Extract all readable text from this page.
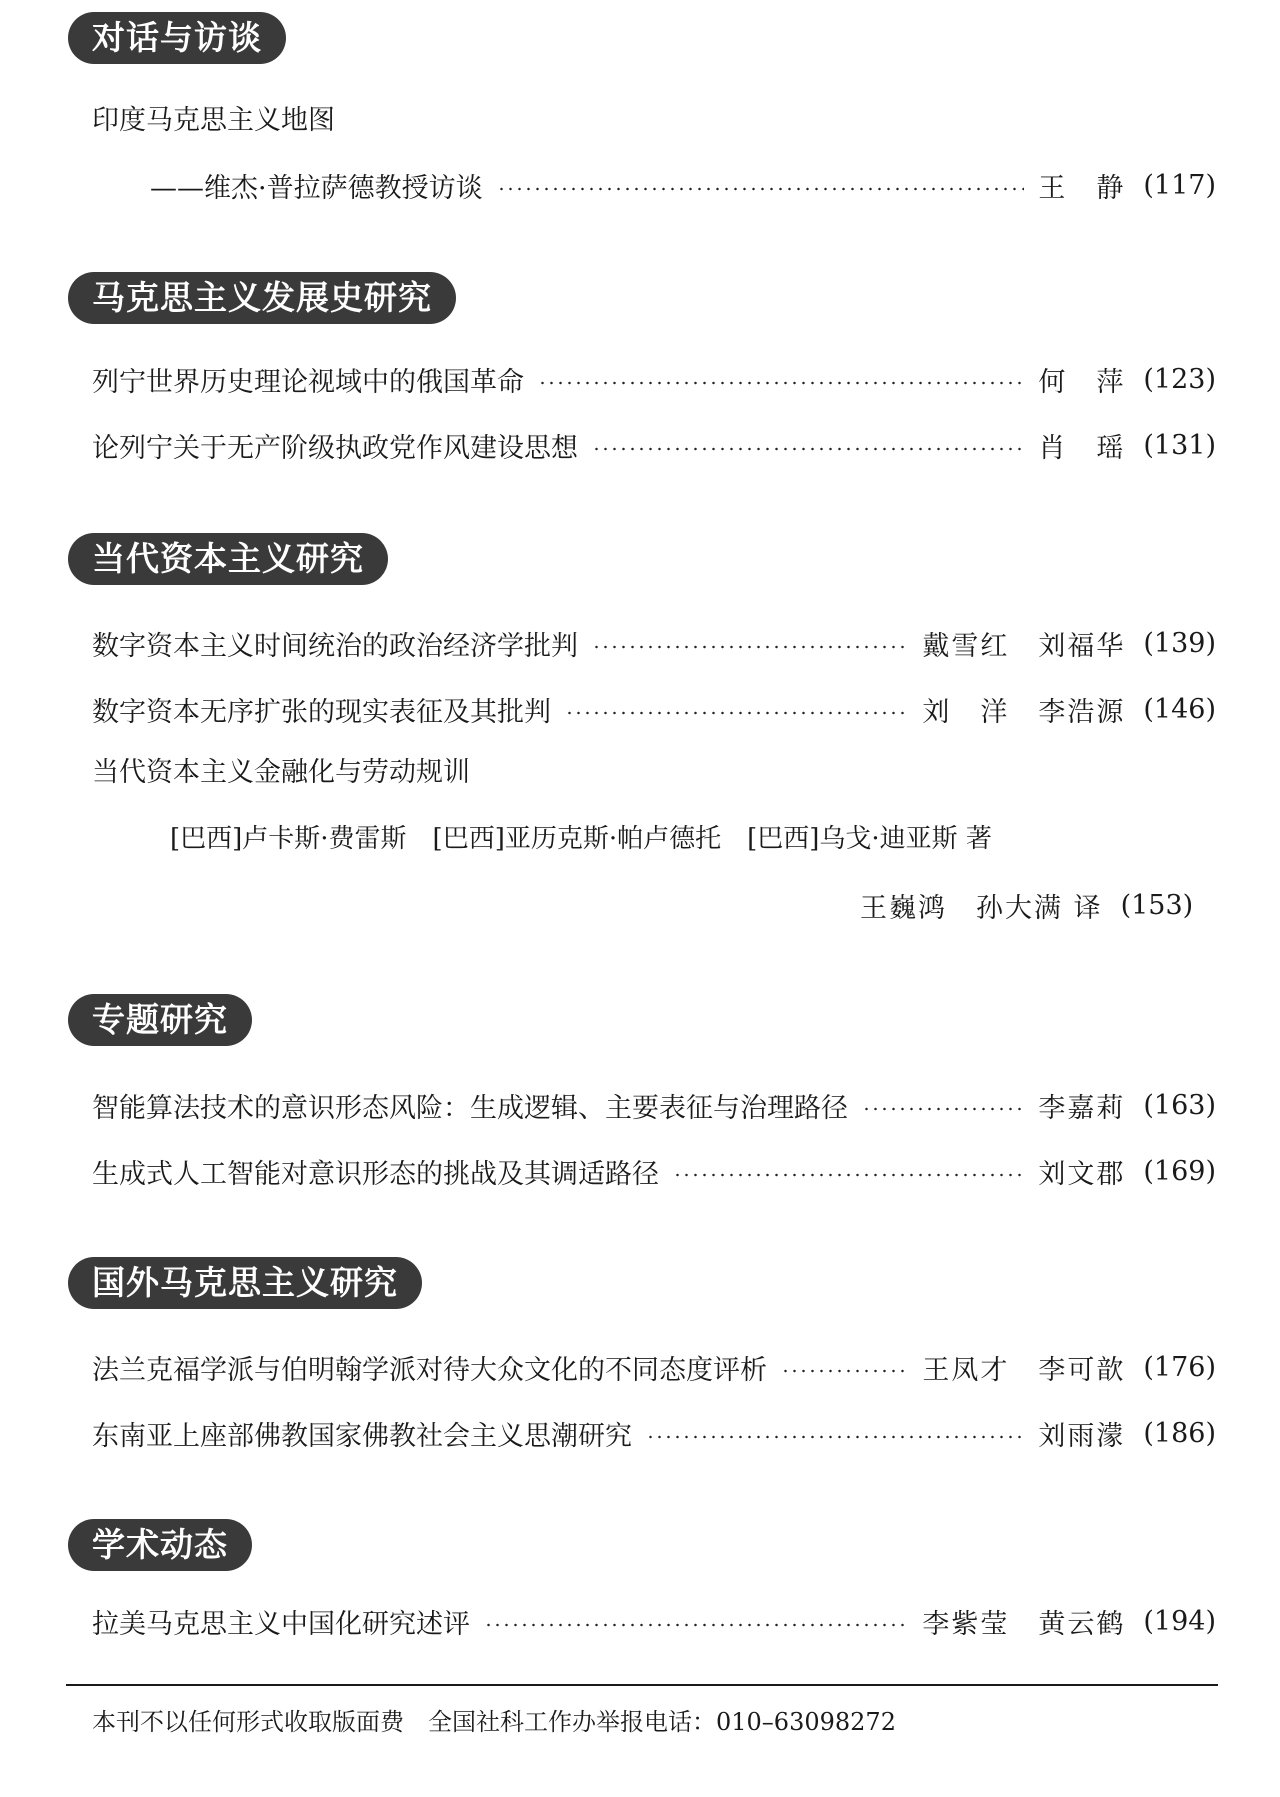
对话与访谈
印度马克思主义地图
——维杰·普拉萨德教授访谈	王　静 (117)
马克思主义发展史研究
列宁世界历史理论视域中的俄国革命	何　萍 (123)
论列宁关于无产阶级执政党作风建设思想	肖　瑶 (131)
当代资本主义研究
数字资本主义时间统治的政治经济学批判	戴雪红　刘福华 (139)
数字资本无序扩张的现实表征及其批判	刘　洋　李浩源 (146)
当代资本主义金融化与劳动规训
[巴西]卢卡斯·费雷斯　[巴西]亚历克斯·帕卢德托　[巴西]乌戈·迪亚斯 著
王巍鸿　孙大满 译 (153)
专题研究
智能算法技术的意识形态风险：生成逻辑、主要表征与治理路径	李嘉莉 (163)
生成式人工智能对意识形态的挑战及其调适路径	刘文郡 (169)
国外马克思主义研究
法兰克福学派与伯明翰学派对待大众文化的不同态度评析	王凤才　李可歆 (176)
东南亚上座部佛教国家佛教社会主义思潮研究	刘雨濛 (186)
学术动态
拉美马克思主义中国化研究述评	李紫莹　黄云鹤 (194)
本刊不以任何形式收取版面费　全国社科工作办举报电话：010–63098272
